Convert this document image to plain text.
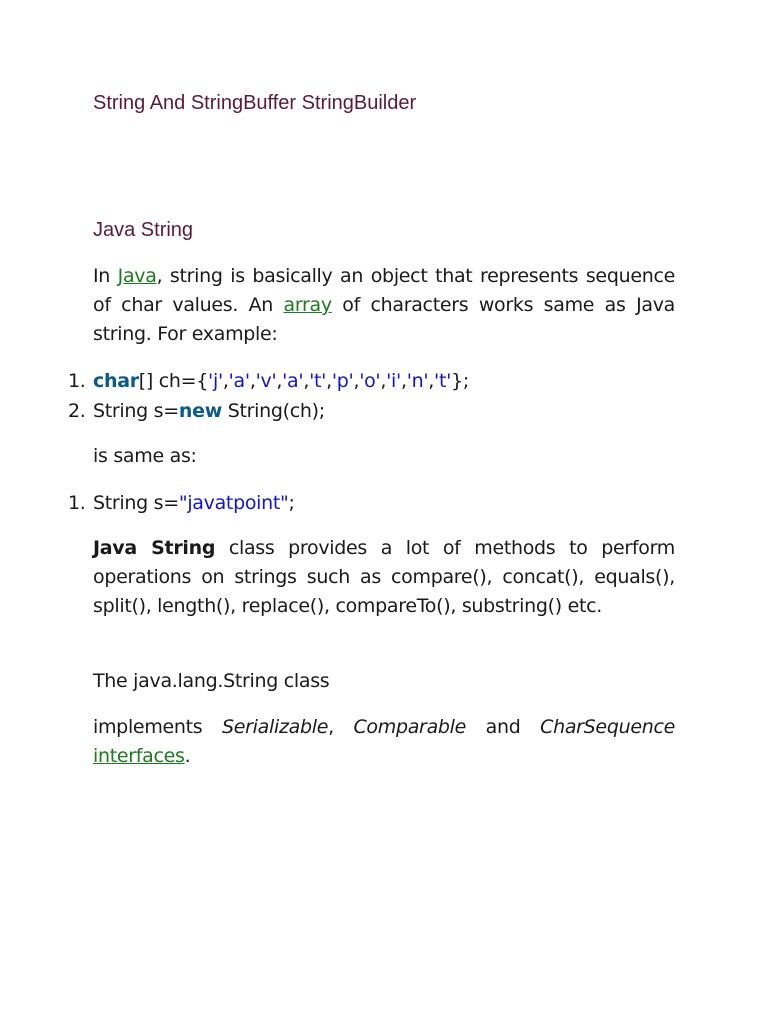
String And StringBuffer StringBuilder
Java String
In Java, string is basically an object that represents sequence of char values. An array of characters works same as Java string. For example:
1. char[] ch={'j','a','v','a','t','p','o','i','n','t'};
2. String s=new String(ch);
is same as:
1. String s="javatpoint";
Java String class provides a lot of methods to perform operations on strings such as compare(), concat(), equals(), split(), length(), replace(), compareTo(), substring() etc.
The java.lang.String class
implements Serializable, Comparable and CharSequence interfaces.
